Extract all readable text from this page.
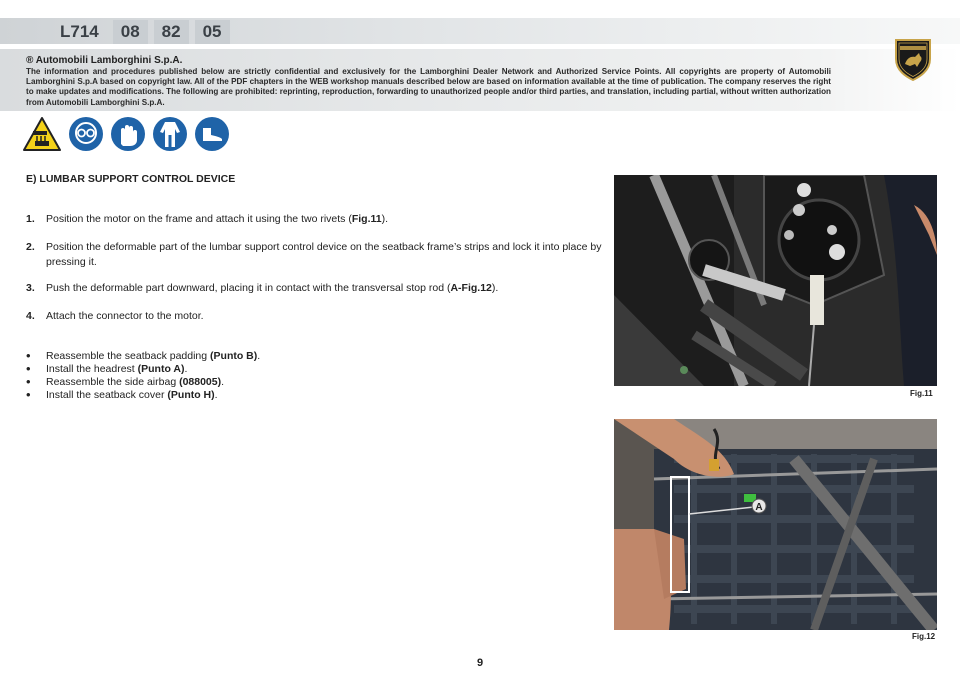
L714	08	82	05
® Automobili Lamborghini S.p.A.
The information and procedures published below are strictly confidential and exclusively for the Lamborghini Dealer Network and Authorized Service Points. All copyrights are property of Automobili Lamborghini S.p.A based on copyright law. All of the PDF chapters in the WEB workshop manuals described below are based on information available at the time of publication. The company reserves the right to make updates and modifications. The following are prohibited: reprinting, reproduction, forwarding to unauthorized people and/or third parties, and translation, including partial, without written authorization from Automobili Lamborghini S.p.A.
E) LUMBAR SUPPORT CONTROL DEVICE
1. Position the motor on the frame and attach it using the two rivets (Fig.11).
2. Position the deformable part of the lumbar support control device on the seatback frame’s strips and lock it into place by pressing it.
3. Push the deformable part downward, placing it in contact with the transversal stop rod (A-Fig.12).
4. Attach the connector to the motor.
• Reassemble the seatback padding (Punto B).
• Install the headrest (Punto A).
• Reassemble the side airbag (088005).
• Install the seatback cover (Punto H).	Fig.11
A
Fig.12
9
